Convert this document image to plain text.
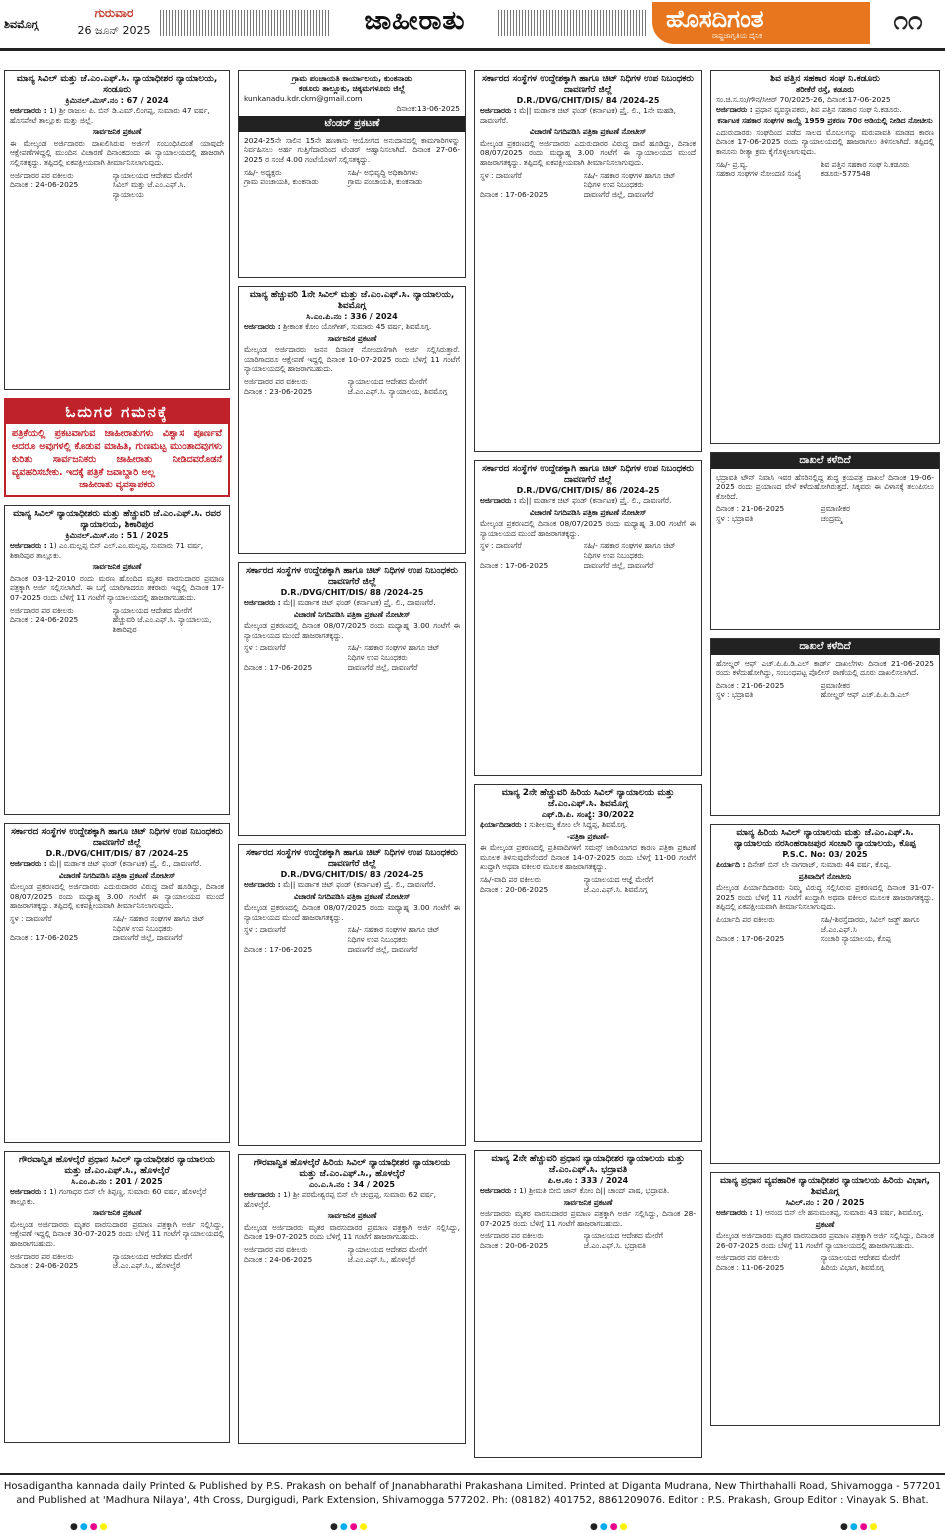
ಶಿವಮೊಗ್ಗ
ಗುರುವಾರ
26 ಜೂನ್ 2025	ಜಾಹೀರಾತು	ಹೊಸದಿಗಂತ
ರಾಷ್ಟ್ರಜಾಗೃತಿಯ ದೈನಿಕ	೧೧
ಮಾನ್ಯ ಸಿವಿಲ್ ಮತ್ತು ಜೆ.ಎಂ.ಎಫ್.ಸಿ. ನ್ಯಾಯಾಧೀಶರ ನ್ಯಾಯಾಲಯ, ಸಂಡೂರು
ಕ್ರಿಮಿನಲ್.ಮಿಸ್.ನಂ : 67 / 2024
ಅರ್ಜಿದಾರರು : 1) ಶ್ರೀ ರಾಜುಲ ಪಿ. ಬಿನ್ ಡಿ.ಎಮ್.ಲಿಂಗಪ್ಪ, ಸುಮಾರು 47 ವರ್ಷ, ಹೊಸಪೇಟೆ ತಾಲ್ಲೂಕು ಮತ್ತು ಜಿಲ್ಲೆ.
ಸಾರ್ವಜನಿಕ ಪ್ರಕಟಣೆ
ಈ ಮೇಲ್ಕಂಡ ಅರ್ಜಿದಾರರು ದಾಖಲಿಸಿರುವ ಅರ್ಜಿಗೆ ಸಂಬಂಧಿಸಿದಂತೆ ಯಾವುದೇ ಆಕ್ಷೇಪಣೆಗಳಿದ್ದಲ್ಲಿ ಮುಂದಿನ ವಿಚಾರಣೆ ದಿನಾಂಕದಂದು ಈ ನ್ಯಾಯಾಲಯದಲ್ಲಿ ಹಾಜರಾಗಿ ಸಲ್ಲಿಸತಕ್ಕದ್ದು. ತಪ್ಪಿದಲ್ಲಿ ಏಕಪಕ್ಷೀಯವಾಗಿ ತೀರ್ಮಾನಿಸಲಾಗುವುದು.
ಅರ್ಜಿದಾರರ ಪರ ವಕೀಲರು	ನ್ಯಾಯಾಲಯದ ಆದೇಶದ ಮೇರೆಗೆ ದಿನಾಂಕ : 24-06-2025	ಸಿವಿಲ್ ಮತ್ತು ಜೆ.ಎಂ.ಎಫ್.ಸಿ. ನ್ಯಾಯಾಲಯ
ಓದುಗರ ಗಮನಕ್ಕೆ
ಪತ್ರಿಕೆಯಲ್ಲಿ ಪ್ರಕಟವಾಗುವ ಜಾಹೀರಾತುಗಳು ವಿಶ್ವಾಸ ಪೂರ್ಣವೆ ಆದರೂ ಅವುಗಳಲ್ಲಿ ಕೊಡುವ ಮಾಹಿತಿ, ಗುಣಮಟ್ಟ ಮುಂತಾದವುಗಳು ಕುರಿತು ಸಾರ್ವಜನಿಕರು ಜಾಹೀರಾತು ನೀಡಿದವರೊಡನೆ ವ್ಯವಹರಿಸಬೇಕು. ಇದಕ್ಕೆ ಪತ್ರಿಕೆ ಜವಾಬ್ದಾರಿ ಅಲ್ಲ
ಜಾಹೀರಾತು ವ್ಯವಸ್ಥಾಪಕರು
ಮಾನ್ಯ ಸಿವಿಲ್ ನ್ಯಾಯಾಧೀಶರು ಮತ್ತು ಹೆಚ್ಚುವರಿ ಜೆ.ಎಂ.ಎಫ್.ಸಿ. ರವರ ನ್ಯಾಯಾಲಯ, ಶಿಕಾರಿಪುರ
ಕ್ರಿಮಿನಲ್.ಮಿಸ್.ನಂ : 51 / 2025
ಅರ್ಜಿದಾರರು : 1) ಎಂ.ಮಲ್ಲಪ್ಪ ಬಿನ್ ಎಲ್.ಎಂ.ಮಲ್ಲಪ್ಪ, ಸುಮಾರು 71 ವರ್ಷ, ಶಿಕಾರಿಪುರ ತಾಲ್ಲೂಕು.
ಸಾರ್ವಜನಿಕ ಪ್ರಕಟಣೆ
ದಿನಾಂಕ 03-12-2010 ರಂದು ಮರಣ ಹೊಂದಿದ ಮೃತರ ವಾರಸುದಾರರ ಪ್ರಮಾಣ ಪತ್ರಕ್ಕಾಗಿ ಅರ್ಜಿ ಸಲ್ಲಿಸಲಾಗಿದೆ. ಈ ಬಗ್ಗೆ ಯಾರಿಗಾದರೂ ತಕರಾರು ಇದ್ದಲ್ಲಿ ದಿನಾಂಕ 17-07-2025 ರಂದು ಬೆಳಿಗ್ಗೆ 11 ಗಂಟೆಗೆ ನ್ಯಾಯಾಲಯದಲ್ಲಿ ಹಾಜರಾಗಬಹುದು.
ಅರ್ಜಿದಾರರ ಪರ ವಕೀಲರು	ನ್ಯಾಯಾಲಯದ ಆದೇಶದ ಮೇರೆಗೆ ದಿನಾಂಕ : 24-06-2025	ಹೆಚ್ಚುವರಿ ಜೆ.ಎಂ.ಎಫ್.ಸಿ. ನ್ಯಾಯಾಲಯ, ಶಿಕಾರಿಪುರ
ಸರ್ಕಾರದ ಸಂಸ್ಥೆಗಳ ಉದ್ದೇಶಕ್ಕಾಗಿ ಹಾಗೂ ಚಿಟ್ ನಿಧಿಗಳ ಉಪ ನಿಬಂಧಕರು ದಾವಣಗೆರೆ ಜಿಲ್ಲೆ
D.R./DVG/CHIT/DIS/ 87 /2024-25
ಅರ್ಜಿದಾರರು : ಮೆ|| ಮರ್ಡಾಕ ಚಿಟ್ ಫಂಡ್ (ಕರ್ನಾಟಕ) ಪ್ರೈ. ಲಿ., ದಾವಣಗೆರೆ.
ವಿಚಾರಣೆ ನಿಗದಿಪಡಿಸಿ ಪತ್ರಿಕಾ ಪ್ರಕಟಣೆ ನೋಟೀಸ್
ಮೇಲ್ಕಂಡ ಪ್ರಕರಣದಲ್ಲಿ ಅರ್ಜಿದಾರರು ಎದುರುದಾರರ ವಿರುದ್ಧ ದಾವೆ ಹೂಡಿದ್ದು, ದಿನಾಂಕ 08/07/2025 ರಂದು ಮಧ್ಯಾಹ್ನ 3.00 ಗಂಟೆಗೆ ಈ ನ್ಯಾಯಾಲಯದ ಮುಂದೆ ಹಾಜರಾಗತಕ್ಕದ್ದು. ತಪ್ಪಿದಲ್ಲಿ ಏಕಪಕ್ಷೀಯವಾಗಿ ತೀರ್ಮಾನಿಸಲಾಗುವುದು.
ಸ್ಥಳ : ದಾವಣಗೆರೆ	ಸಹಿ/- ಸಹಕಾರ ಸಂಘಗಳ ಹಾಗೂ ಚಿಟ್ ನಿಧಿಗಳ ಉಪ ನಿಬಂಧಕರು ದಿನಾಂಕ : 17-06-2025	ದಾವಣಗೆರೆ ಜಿಲ್ಲೆ, ದಾವಣಗೆರೆ
ಗೌರವಾನ್ವಿತ ಹೊಳಲ್ಕೆರೆ ಪ್ರಧಾನ ಸಿವಿಲ್ ನ್ಯಾಯಾಧೀಶರ ನ್ಯಾಯಾಲಯ ಮತ್ತು ಜೆ.ಎಂ.ಎಫ್.ಸಿ., ಹೊಳಲ್ಕೆರೆ
ಸಿ.ಎಂ.ಪಿ.ನಂ : 201 / 2025
ಅರ್ಜಿದಾರರು : 1) ಗಂಗಾಧರ ಬಿನ್ ಲೇ ತಿಪ್ಪಣ್ಣ, ಸುಮಾರು 60 ವರ್ಷ, ಹೊಳಲ್ಕೆರೆ ತಾಲ್ಲೂಕು.
ಸಾರ್ವಜನಿಕ ಪ್ರಕಟಣೆ
ಮೇಲ್ಕಂಡ ಅರ್ಜಿದಾರರು ಮೃತರ ವಾರಸುದಾರರ ಪ್ರಮಾಣ ಪತ್ರಕ್ಕಾಗಿ ಅರ್ಜಿ ಸಲ್ಲಿಸಿದ್ದು, ಆಕ್ಷೇಪಣೆ ಇದ್ದಲ್ಲಿ ದಿನಾಂಕ 30-07-2025 ರಂದು ಬೆಳಿಗ್ಗೆ 11 ಗಂಟೆಗೆ ನ್ಯಾಯಾಲಯದಲ್ಲಿ ಹಾಜರಾಗಬಹುದು.
ಅರ್ಜಿದಾರರ ಪರ ವಕೀಲರು	ನ್ಯಾಯಾಲಯದ ಆದೇಶದ ಮೇರೆಗೆ ದಿನಾಂಕ : 24-06-2025	ಜೆ.ಎಂ.ಎಫ್.ಸಿ., ಹೊಳಲ್ಕೆರೆ
ಗ್ರಾಮ ಪಂಚಾಯತಿ ಕಾರ್ಯಾಲಯ, ಕುಂಕನಾಡು
ಕಡೂರು ತಾಲ್ಲೂಕು, ಚಿಕ್ಕಮಗಳೂರು ಜಿಲ್ಲೆ
kunkanadu.kdr.ckm@gmail.com
ದಿನಾಂಕ:13-06-2025
ಟೆಂಡರ್ ಪ್ರಕಟಣೆ
2024-25ನೇ ಸಾಲಿನ 15ನೇ ಹಣಕಾಸು ಆಯೋಗದ ಅನುದಾನದಲ್ಲಿ ಕಾಮಗಾರಿಗಳನ್ನು ನಿರ್ವಹಿಸಲು ಅರ್ಹ ಗುತ್ತಿಗೆದಾರರಿಂದ ಟೆಂಡರ್ ಆಹ್ವಾನಿಸಲಾಗಿದೆ. ದಿನಾಂಕ 27-06-2025 ರ ಸಂಜೆ 4.00 ಗಂಟೆಯೊಳಗೆ ಸಲ್ಲಿಸತಕ್ಕದ್ದು.
ಸಹಿ/- ಅಧ್ಯಕ್ಷರು	ಸಹಿ/- ಅಭಿವೃದ್ಧಿ ಅಧಿಕಾರಿಗಳು ಗ್ರಾಮ ಪಂಚಾಯತಿ, ಕುಂಕನಾಡು	ಗ್ರಾಮ ಪಂಚಾಯತಿ, ಕುಂಕನಾಡು
ಮಾನ್ಯ ಹೆಚ್ಚುವರಿ 1ನೇ ಸಿವಿಲ್ ಮತ್ತು ಜೆ.ಎಂ.ಎಫ್.ಸಿ. ನ್ಯಾಯಾಲಯ, ಶಿವಮೊಗ್ಗ
ಸಿ.ಎಂ.ಪಿ.ನಂ : 336 / 2024
ಅರ್ಜಿದಾರರು : ಶ್ರೀಕಾಂತ ಕೋಂ ಯೋಗೀಶ್, ಸುಮಾರು 45 ವರ್ಷ, ಶಿವಮೊಗ್ಗ.
ಸಾರ್ವಜನಿಕ ಪ್ರಕಟಣೆ
ಮೇಲ್ಕಂಡ ಅರ್ಜಿದಾರರು ಜನನ ದಿನಾಂಕ ನೋಂದಣಿಗಾಗಿ ಅರ್ಜಿ ಸಲ್ಲಿಸಿರುತ್ತಾರೆ. ಯಾರಿಗಾದರೂ ಆಕ್ಷೇಪಣೆ ಇದ್ದಲ್ಲಿ ದಿನಾಂಕ 10-07-2025 ರಂದು ಬೆಳಿಗ್ಗೆ 11 ಗಂಟೆಗೆ ನ್ಯಾಯಾಲಯದಲ್ಲಿ ಹಾಜರಾಗಬಹುದು.
ಅರ್ಜಿದಾರರ ಪರ ವಕೀಲರು	ನ್ಯಾಯಾಲಯದ ಆದೇಶದ ಮೇರೆಗೆ ದಿನಾಂಕ : 23-06-2025	ಜೆ.ಎಂ.ಎಫ್.ಸಿ. ನ್ಯಾಯಾಲಯ, ಶಿವಮೊಗ್ಗ
ಸರ್ಕಾರದ ಸಂಸ್ಥೆಗಳ ಉದ್ದೇಶಕ್ಕಾಗಿ ಹಾಗೂ ಚಿಟ್ ನಿಧಿಗಳ ಉಪ ನಿಬಂಧಕರು ದಾವಣಗೆರೆ ಜಿಲ್ಲೆ
D.R./DVG/CHIT/DIS/ 88 /2024-25
ಅರ್ಜಿದಾರರು : ಮೆ|| ಮರ್ಡಾಕ ಚಿಟ್ ಫಂಡ್ (ಕರ್ನಾಟಕ) ಪ್ರೈ. ಲಿ., ದಾವಣಗೆರೆ.
ವಿಚಾರಣೆ ನಿಗದಿಪಡಿಸಿ ಪತ್ರಿಕಾ ಪ್ರಕಟಣೆ ನೋಟೀಸ್
ಮೇಲ್ಕಂಡ ಪ್ರಕರಣದಲ್ಲಿ ದಿನಾಂಕ 08/07/2025 ರಂದು ಮಧ್ಯಾಹ್ನ 3.00 ಗಂಟೆಗೆ ಈ ನ್ಯಾಯಾಲಯದ ಮುಂದೆ ಹಾಜರಾಗತಕ್ಕದ್ದು.
ಸ್ಥಳ : ದಾವಣಗೆರೆ	ಸಹಿ/- ಸಹಕಾರ ಸಂಘಗಳ ಹಾಗೂ ಚಿಟ್ ನಿಧಿಗಳ ಉಪ ನಿಬಂಧಕರು ದಿನಾಂಕ : 17-06-2025	ದಾವಣಗೆರೆ ಜಿಲ್ಲೆ, ದಾವಣಗೆರೆ
ಸರ್ಕಾರದ ಸಂಸ್ಥೆಗಳ ಉದ್ದೇಶಕ್ಕಾಗಿ ಹಾಗೂ ಚಿಟ್ ನಿಧಿಗಳ ಉಪ ನಿಬಂಧಕರು ದಾವಣಗೆರೆ ಜಿಲ್ಲೆ
D.R./DVG/CHIT/DIS/ 83 /2024-25
ಅರ್ಜಿದಾರರು : ಮೆ|| ಮರ್ಡಾಕ ಚಿಟ್ ಫಂಡ್ (ಕರ್ನಾಟಕ) ಪ್ರೈ. ಲಿ., ದಾವಣಗೆರೆ.
ವಿಚಾರಣೆ ನಿಗದಿಪಡಿಸಿ ಪತ್ರಿಕಾ ಪ್ರಕಟಣೆ ನೋಟೀಸ್
ಮೇಲ್ಕಂಡ ಪ್ರಕರಣದಲ್ಲಿ ದಿನಾಂಕ 08/07/2025 ರಂದು ಮಧ್ಯಾಹ್ನ 3.00 ಗಂಟೆಗೆ ಈ ನ್ಯಾಯಾಲಯದ ಮುಂದೆ ಹಾಜರಾಗತಕ್ಕದ್ದು.
ಸ್ಥಳ : ದಾವಣಗೆರೆ	ಸಹಿ/- ಸಹಕಾರ ಸಂಘಗಳ ಹಾಗೂ ಚಿಟ್ ನಿಧಿಗಳ ಉಪ ನಿಬಂಧಕರು ದಿನಾಂಕ : 17-06-2025	ದಾವಣಗೆರೆ ಜಿಲ್ಲೆ, ದಾವಣಗೆರೆ
ಗೌರವಾನ್ವಿತ ಹೊಳಲ್ಕೆರೆ ಹಿರಿಯ ಸಿವಿಲ್ ನ್ಯಾಯಾಧೀಶರ ನ್ಯಾಯಾಲಯ ಮತ್ತು ಜೆ.ಎಂ.ಎಫ್.ಸಿ., ಹೊಳಲ್ಕೆರೆ
ಎಂ.ಎ.ಸಿ.ನಂ : 34 / 2025
ಅರ್ಜಿದಾರರು : 1) ಶ್ರೀ ಪರಮೇಶ್ವರಪ್ಪ ಬಿನ್ ಲೇ ಚಂದ್ರಪ್ಪ, ಸುಮಾರು 62 ವರ್ಷ, ಹೊಳಲ್ಕೆರೆ.
ಸಾರ್ವಜನಿಕ ಪ್ರಕಟಣೆ
ಮೇಲ್ಕಂಡ ಅರ್ಜಿದಾರರು ಮೃತರ ವಾರಸುದಾರರ ಪ್ರಮಾಣ ಪತ್ರಕ್ಕಾಗಿ ಅರ್ಜಿ ಸಲ್ಲಿಸಿದ್ದು, ದಿನಾಂಕ 19-07-2025 ರಂದು ಬೆಳಿಗ್ಗೆ 11 ಗಂಟೆಗೆ ಹಾಜರಾಗಬಹುದು.
ಅರ್ಜಿದಾರರ ಪರ ವಕೀಲರು	ನ್ಯಾಯಾಲಯದ ಆದೇಶದ ಮೇರೆಗೆ ದಿನಾಂಕ : 24-06-2025	ಜೆ.ಎಂ.ಎಫ್.ಸಿ., ಹೊಳಲ್ಕೆರೆ
ಸರ್ಕಾರದ ಸಂಸ್ಥೆಗಳ ಉದ್ದೇಶಕ್ಕಾಗಿ ಹಾಗೂ ಚಿಟ್ ನಿಧಿಗಳ ಉಪ ನಿಬಂಧಕರು ದಾವಣಗೆರೆ ಜಿಲ್ಲೆ
D.R./DVG/CHIT/DIS/ 84 /2024-25
ಅರ್ಜಿದಾರರು : ಮೆ|| ಮರ್ಡಾಕ ಚಿಟ್ ಫಂಡ್ (ಕರ್ನಾಟಕ) ಪ್ರೈ. ಲಿ., 1ನೇ ಮಹಡಿ, ದಾವಣಗೆರೆ.
ವಿಚಾರಣೆ ನಿಗದಿಪಡಿಸಿ ಪತ್ರಿಕಾ ಪ್ರಕಟಣೆ ನೋಟೀಸ್
ಮೇಲ್ಕಂಡ ಪ್ರಕರಣದಲ್ಲಿ ಅರ್ಜಿದಾರರು ಎದುರುದಾರರ ವಿರುದ್ಧ ದಾವೆ ಹೂಡಿದ್ದು, ದಿನಾಂಕ 08/07/2025 ರಂದು ಮಧ್ಯಾಹ್ನ 3.00 ಗಂಟೆಗೆ ಈ ನ್ಯಾಯಾಲಯದ ಮುಂದೆ ಹಾಜರಾಗತಕ್ಕದ್ದು. ತಪ್ಪಿದಲ್ಲಿ ಏಕಪಕ್ಷೀಯವಾಗಿ ತೀರ್ಮಾನಿಸಲಾಗುವುದು.
ಸ್ಥಳ : ದಾವಣಗೆರೆ	ಸಹಿ/- ಸಹಕಾರ ಸಂಘಗಳ ಹಾಗೂ ಚಿಟ್ ನಿಧಿಗಳ ಉಪ ನಿಬಂಧಕರು ದಿನಾಂಕ : 17-06-2025	ದಾವಣಗೆರೆ ಜಿಲ್ಲೆ, ದಾವಣಗೆರೆ
ಸರ್ಕಾರದ ಸಂಸ್ಥೆಗಳ ಉದ್ದೇಶಕ್ಕಾಗಿ ಹಾಗೂ ಚಿಟ್ ನಿಧಿಗಳ ಉಪ ನಿಬಂಧಕರು ದಾವಣಗೆರೆ ಜಿಲ್ಲೆ
D.R./DVG/CHIT/DIS/ 86 /2024-25
ಅರ್ಜಿದಾರರು : ಮೆ|| ಮರ್ಡಾಕ ಚಿಟ್ ಫಂಡ್ (ಕರ್ನಾಟಕ) ಪ್ರೈ. ಲಿ., ದಾವಣಗೆರೆ.
ವಿಚಾರಣೆ ನಿಗದಿಪಡಿಸಿ ಪತ್ರಿಕಾ ಪ್ರಕಟಣೆ ನೋಟೀಸ್
ಮೇಲ್ಕಂಡ ಪ್ರಕರಣದಲ್ಲಿ ದಿನಾಂಕ 08/07/2025 ರಂದು ಮಧ್ಯಾಹ್ನ 3.00 ಗಂಟೆಗೆ ಈ ನ್ಯಾಯಾಲಯದ ಮುಂದೆ ಹಾಜರಾಗತಕ್ಕದ್ದು.
ಸ್ಥಳ : ದಾವಣಗೆರೆ	ಸಹಿ/- ಸಹಕಾರ ಸಂಘಗಳ ಹಾಗೂ ಚಿಟ್ ನಿಧಿಗಳ ಉಪ ನಿಬಂಧಕರು ದಿನಾಂಕ : 17-06-2025	ದಾವಣಗೆರೆ ಜಿಲ್ಲೆ, ದಾವಣಗೆರೆ
ಮಾನ್ಯ 2ನೇ ಹೆಚ್ಚುವರಿ ಹಿರಿಯ ಸಿವಿಲ್ ನ್ಯಾಯಾಲಯ ಮತ್ತು ಜೆ.ಎಂ.ಎಫ್.ಸಿ. ಶಿವಮೊಗ್ಗ
ಎಫ್.ಡಿ.ಪಿ. ಸಂಖ್ಯೆ: 30/2022
ಫಿರ್ಯಾದಿದಾರರು : ಸುಶೀಲಮ್ಮ ಕೋಂ ಲೇ ಸಿದ್ದಪ್ಪ, ಶಿವಮೊಗ್ಗ.
-ಪತ್ರಿಕಾ ಪ್ರಕಟಣೆ-
ಈ ಮೇಲ್ಕಂಡ ಪ್ರಕರಣದಲ್ಲಿ ಪ್ರತಿವಾದಿಗಳಿಗೆ ಸಮನ್ಸ್ ಜಾರಿಯಾಗದ ಕಾರಣ ಪತ್ರಿಕಾ ಪ್ರಕಟಣೆ ಮೂಲಕ ತಿಳಿಸುವುದೇನೆಂದರೆ ದಿನಾಂಕ 14-07-2025 ರಂದು ಬೆಳಿಗ್ಗೆ 11-00 ಗಂಟೆಗೆ ಖುದ್ದಾಗಿ ಅಥವಾ ವಕೀಲರ ಮೂಲಕ ಹಾಜರಾಗತಕ್ಕದ್ದು.
ಸಹಿ/-ವಾದಿ ಪರ ವಕೀಲರು	ನ್ಯಾಯಾಲಯದ ಆಜ್ಞೆ ಮೇರೆಗೆ ದಿನಾಂಕ : 20-06-2025	ಜೆ.ಎಂ.ಎಫ್.ಸಿ. ಶಿವಮೊಗ್ಗ
ಮಾನ್ಯ 2ನೇ ಹೆಚ್ಚುವರಿ ಪ್ರಧಾನ ನ್ಯಾಯಾಧೀಶರ ನ್ಯಾಯಾಲಯ ಮತ್ತು ಜೆ.ಎಂ.ಎಫ್.ಸಿ. ಭದ್ರಾವತಿ
ಪಿ.ಅ.ಸಂ : 333 / 2024
ಅರ್ಜಿದಾರರು : 1) ಶ್ರೀಮತಿ ಬೀಬಿ ಜಾನ್ ಕೋಂ ದಿ|| ಚಾಂದ್ ಪಾಷ, ಭದ್ರಾವತಿ.
ಸಾರ್ವಜನಿಕ ಪ್ರಕಟಣೆ
ಅರ್ಜಿದಾರರು ಮೃತರ ವಾರಸುದಾರರ ಪ್ರಮಾಣ ಪತ್ರಕ್ಕಾಗಿ ಅರ್ಜಿ ಸಲ್ಲಿಸಿದ್ದು, ದಿನಾಂಕ 28-07-2025 ರಂದು ಬೆಳಿಗ್ಗೆ 11 ಗಂಟೆಗೆ ಹಾಜರಾಗಬಹುದು.
ಅರ್ಜಿದಾರರ ಪರ ವಕೀಲರು	ನ್ಯಾಯಾಲಯದ ಆದೇಶದ ಮೇರೆಗೆ ದಿನಾಂಕ : 20-06-2025	ಜೆ.ಎಂ.ಎಫ್.ಸಿ. ಭದ್ರಾವತಿ
ಶಿವ ಪತ್ತಿನ ಸಹಕಾರ ಸಂಘ ನಿ.ಕಡೂರು
ತರೀಕೆರೆ ರಸ್ತೆ, ಕಡೂರು
ಸಂ.ಚಿ.ಸ.ಸಂ/ಗೌನ/ಸಿಆರ್ 70/2025-26, ದಿನಾಂಕ:17-06-2025
ಅರ್ಜಿದಾರರು : ಪ್ರಧಾನ ವ್ಯವಸ್ಥಾಪಕರು, ಶಿವ ಪತ್ತಿನ ಸಹಕಾರ ಸಂಘ ನಿ.ಕಡೂರು.
ಕರ್ನಾಟಕ ಸಹಕಾರ ಸಂಘಗಳ ಕಾಯ್ದೆ 1959 ಪ್ರಕರಣ 70ರ ಅಡಿಯಲ್ಲಿ ನೀಡಿದ ನೋಟೀಸು
ಎದುರುದಾರರು ಸಂಘದಿಂದ ಪಡೆದ ಸಾಲದ ಮೊಬಲಗನ್ನು ಮರುಪಾವತಿ ಮಾಡದ ಕಾರಣ ದಿನಾಂಕ 17-06-2025 ರಂದು ನ್ಯಾಯಾಲಯದಲ್ಲಿ ಹಾಜರಾಗಲು ತಿಳಿಸಲಾಗಿದೆ. ತಪ್ಪಿದಲ್ಲಿ ಕಾನೂನು ರೀತ್ಯಾ ಕ್ರಮ ಕೈಗೊಳ್ಳಲಾಗುವುದು.
ಸಹಿ/- ಪ್ರ.ವ್ಯ.	ಶಿವ ಪತ್ತಿನ ಸಹಕಾರ ಸಂಘ ನಿ.ಕಡೂರು ಸಹಕಾರ ಸಂಘಗಳ ನೋಂದಣಿ ಸಂಖ್ಯೆ	ಕಡೂರು-577548
ದಾಖಲೆ ಕಳೆದಿದೆ
ಭದ್ರಾವತಿ ಟೌನ್ ನಿವಾಸಿ ಇವರ ಹೆಸರಿನಲ್ಲಿದ್ದ ಶುದ್ಧ ಕ್ರಯಪತ್ರ ದಾಖಲೆ ದಿನಾಂಕ 19-06-2025 ರಂದು ಪ್ರಯಾಣದ ವೇಳೆ ಕಳೆದುಹೋಗಿರುತ್ತದೆ. ಸಿಕ್ಕವರು ಈ ವಿಳಾಸಕ್ಕೆ ತಲುಪಿಸಲು ಕೋರಿದೆ.
ದಿನಾಂಕ : 21-06-2025	ಪ್ರಮಾಣೀಕರ ಸ್ಥಳ : ಭದ್ರಾವತಿ	ಚಂದ್ರಮ್ಮ
ದಾಖಲೆ ಕಳೆದಿದೆ
ಹೋಲ್ಡರ್ ಆಫ್ ಎಚ್.ಪಿ.ಪಿ.ಡಿ.ಎಲ್ ಕಾರ್ಡ್ ದಾಖಲೆಗಳು ದಿನಾಂಕ 21-06-2025 ರಂದು ಕಳೆದುಹೋಗಿದ್ದು, ಸಂಬಂಧಪಟ್ಟ ಪೊಲೀಸ್ ಠಾಣೆಯಲ್ಲಿ ದೂರು ದಾಖಲಿಸಲಾಗಿದೆ.
ದಿನಾಂಕ : 21-06-2025	ಪ್ರಮಾಣೀಕರ ಸ್ಥಳ : ಭದ್ರಾವತಿ	ಹೋಲ್ಡರ್ ಆಫ್ ಎಚ್.ಪಿ.ಪಿ.ಡಿ.ಎಲ್
ಮಾನ್ಯ ಹಿರಿಯ ಸಿವಿಲ್ ನ್ಯಾಯಾಲಯ ಮತ್ತು ಜೆ.ಎಂ.ಎಫ್.ಸಿ. ನ್ಯಾಯಾಲಯ ನರಸಿಂಹರಾಜಪುರ ಸಂಚಾರಿ ನ್ಯಾಯಾಲಯ, ಕೊಪ್ಪ
P.S.C. No: 03/ 2025
ಪಿರ್ಯಾದಿ : ದಿನೇಶ್ ಬಿನ್ ಲೇ ನಾಗರಾಜ್, ಸುಮಾರು 44 ವರ್ಷ, ಕೊಪ್ಪ.
ಪ್ರತಿವಾದಿಗೆ ನೋಟೀಸು
ಮೇಲ್ಕಂಡ ಪಿರ್ಯಾದಿದಾರರು ನಿಮ್ಮ ವಿರುದ್ಧ ಸಲ್ಲಿಸಿರುವ ಪ್ರಕರಣದಲ್ಲಿ ದಿನಾಂಕ 31-07-2025 ರಂದು ಬೆಳಿಗ್ಗೆ 11 ಗಂಟೆಗೆ ಖುದ್ದಾಗಿ ಅಥವಾ ವಕೀಲರ ಮೂಲಕ ಹಾಜರಾಗತಕ್ಕದ್ದು. ತಪ್ಪಿದಲ್ಲಿ ಏಕಪಕ್ಷೀಯವಾಗಿ ತೀರ್ಮಾನಿಸಲಾಗುವುದು.
ಪಿರ್ಯಾದಿ ಪರ ವಕೀಲರು	ಸಹಿ/-ಶಿರಸ್ತೆದಾರರು, ಸಿವಿಲ್ ಜಡ್ಜ್ ಹಾಗೂ ಜೆ.ಎಂ.ಎಫ್.ಸಿ ದಿನಾಂಕ : 17-06-2025	ಸಂಚಾರಿ ನ್ಯಾಯಾಲಯ, ಕೊಪ್ಪ
ಮಾನ್ಯ ಪ್ರಧಾನ ವ್ಯವಹಾರಿಕ ನ್ಯಾಯಾಧೀಶರ ನ್ಯಾಯಾಲಯ ಹಿರಿಯ ವಿಭಾಗ, ಶಿವಮೊಗ್ಗ
ಸಿವಿಲ್.ನಂ : 20 / 2025
ಅರ್ಜಿದಾರರು : 1) ಆನಂದ ಬಿನ್ ಲೇ ಹನುಮಂತಪ್ಪ, ಸುಮಾರು 43 ವರ್ಷ, ಶಿವಮೊಗ್ಗ.
ಪ್ರಕಟಣೆ
ಮೇಲ್ಕಂಡ ಅರ್ಜಿದಾರರು ಮೃತರ ವಾರಸುದಾರರ ಪ್ರಮಾಣ ಪತ್ರಕ್ಕಾಗಿ ಅರ್ಜಿ ಸಲ್ಲಿಸಿದ್ದು, ದಿನಾಂಕ 26-07-2025 ರಂದು ಬೆಳಿಗ್ಗೆ 11 ಗಂಟೆಗೆ ನ್ಯಾಯಾಲಯದಲ್ಲಿ ಹಾಜರಾಗಬಹುದು.
ಅರ್ಜಿದಾರರ ಪರ ವಕೀಲರು	ನ್ಯಾಯಾಲಯದ ಆದೇಶದ ಮೇರೆಗೆ ದಿನಾಂಕ : 11-06-2025	ಹಿರಿಯ ವಿಭಾಗ, ಶಿವಮೊಗ್ಗ
Hosadigantha kannada daily Printed & Published by P.S. Prakash on behalf of Jnanabharathi Prakashana Limited. Printed at Diganta Mudrana, New Thirthahalli Road, Shivamogga - 577201
and Published at 'Madhura Nilaya', 4th Cross, Durgigudi, Park Extension, Shivamogga 577202. Ph: (08182) 401752, 8861209076. Editor : P.S. Prakash, Group Editor : Vinayak S. Bhat.
●●●●	●●●●	●●●●	●●●●
